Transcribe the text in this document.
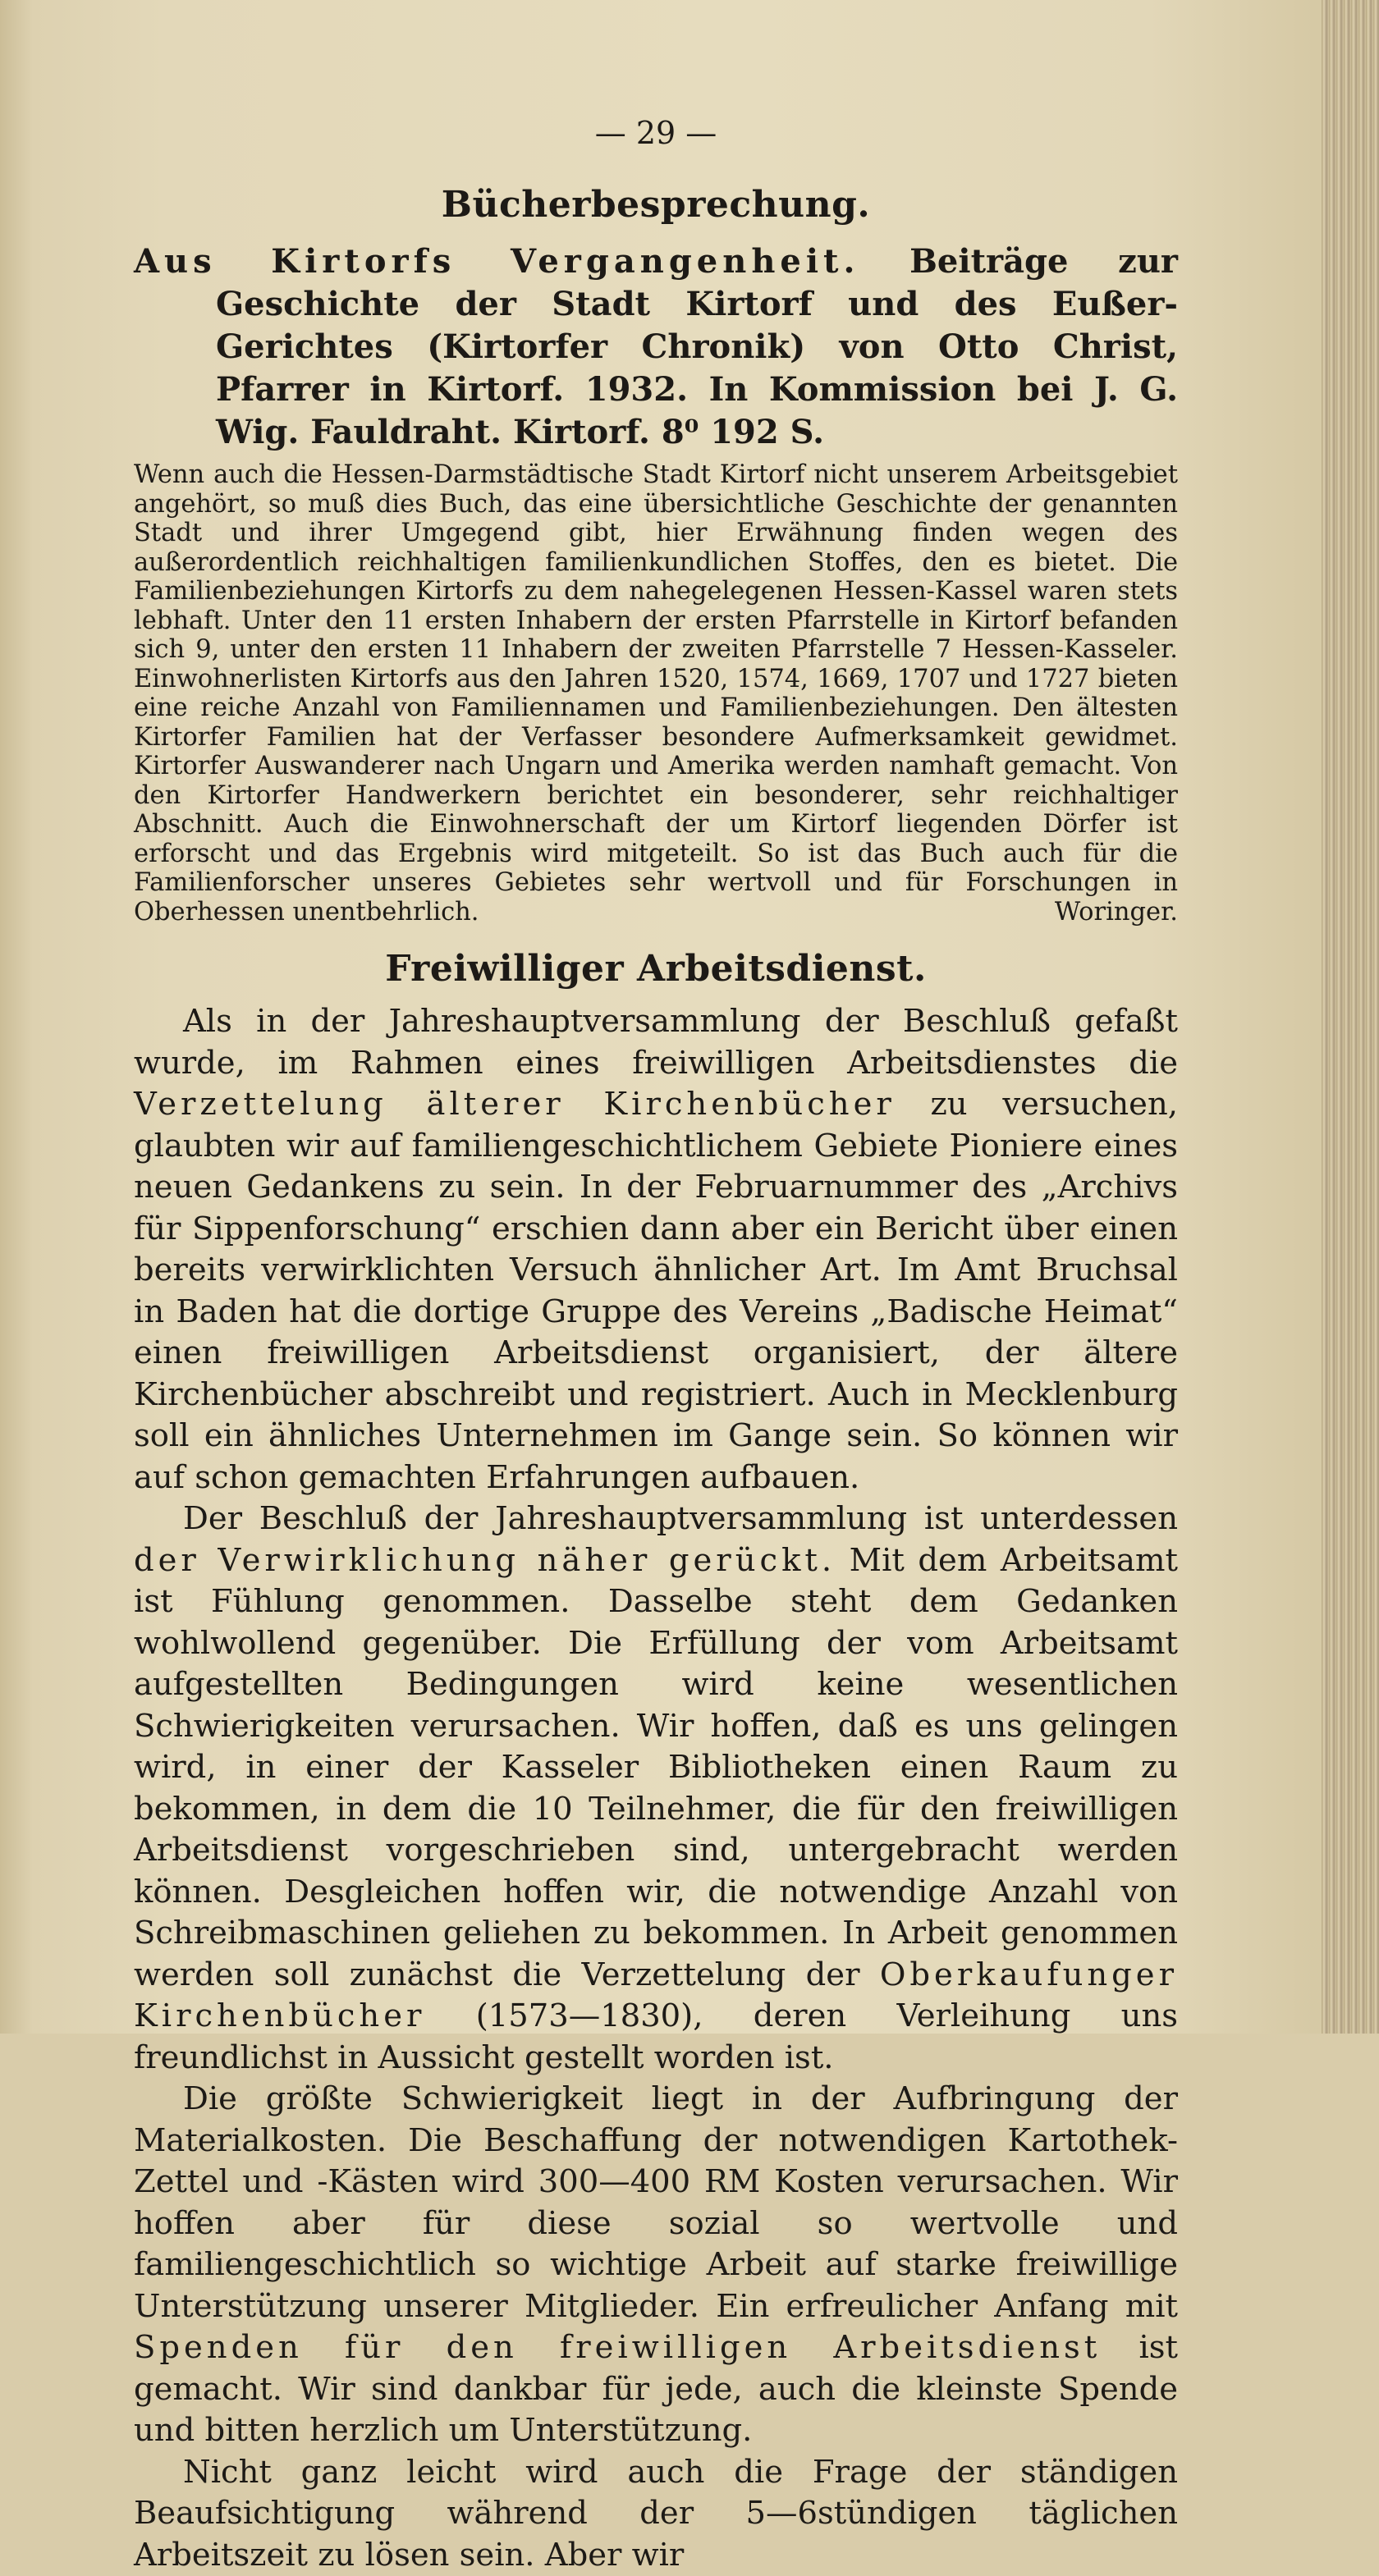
— 29 —
Bücherbesprechung.

Aus Kirtorfs Vergangenheit. Beiträge zur Geschichte der Stadt Kirtorf und des Eußer-Gerichtes (Kirtorfer Chronik) von Otto Christ, Pfarrer in Kirtorf. 1932. In Kommission bei J. G. Wig. Fauldraht. Kirtorf. 8⁰ 192 S.

Wenn auch die Hessen-Darmstädtische Stadt Kirtorf nicht unserem Arbeitsgebiet angehört, so muß dies Buch, das eine übersichtliche Geschichte der genannten Stadt und ihrer Umgegend gibt, hier Erwähnung finden wegen des außerordentlich reichhaltigen familienkundlichen Stoffes, den es bietet. Die Familienbeziehungen Kirtorfs zu dem nahegelegenen Hessen-Kassel waren stets lebhaft. Unter den 11 ersten Inhabern der ersten Pfarrstelle in Kirtorf befanden sich 9, unter den ersten 11 Inhabern der zweiten Pfarrstelle 7 Hessen-Kasseler. Einwohnerlisten Kirtorfs aus den Jahren 1520, 1574, 1669, 1707 und 1727 bieten eine reiche Anzahl von Familiennamen und Familienbeziehungen. Den ältesten Kirtorfer Familien hat der Verfasser besondere Aufmerksamkeit gewidmet. Kirtorfer Auswanderer nach Ungarn und Amerika werden namhaft gemacht. Von den Kirtorfer Handwerkern berichtet ein besonderer, sehr reichhaltiger Abschnitt. Auch die Einwohnerschaft der um Kirtorf liegenden Dörfer ist erforscht und das Ergebnis wird mitgeteilt. So ist das Buch auch für die Familienforscher unseres Gebietes sehr wertvoll und für Forschungen in Oberhessen unentbehrlich.	Woringer.

Freiwilliger Arbeitsdienst.

Als in der Jahreshauptversammlung der Beschluß gefaßt wurde, im Rahmen eines freiwilligen Arbeitsdienstes die Verzettelung älterer Kirchenbücher zu versuchen, glaubten wir auf familiengeschichtlichem Gebiete Pioniere eines neuen Gedankens zu sein. In der Februarnummer des „Archivs für Sippenforschung“ erschien dann aber ein Bericht über einen bereits verwirklichten Versuch ähnlicher Art. Im Amt Bruchsal in Baden hat die dortige Gruppe des Vereins „Badische Heimat“ einen freiwilligen Arbeitsdienst organisiert, der ältere Kirchenbücher abschreibt und registriert. Auch in Mecklenburg soll ein ähnliches Unternehmen im Gange sein. So können wir auf schon gemachten Erfahrungen aufbauen.

Der Beschluß der Jahreshauptversammlung ist unterdessen der Verwirklichung näher gerückt. Mit dem Arbeitsamt ist Fühlung genommen. Dasselbe steht dem Gedanken wohlwollend gegenüber. Die Erfüllung der vom Arbeitsamt aufgestellten Bedingungen wird keine wesentlichen Schwierigkeiten verursachen. Wir hoffen, daß es uns gelingen wird, in einer der Kasseler Bibliotheken einen Raum zu bekommen, in dem die 10 Teilnehmer, die für den freiwilligen Arbeitsdienst vorgeschrieben sind, untergebracht werden können. Desgleichen hoffen wir, die notwendige Anzahl von Schreibmaschinen geliehen zu bekommen. In Arbeit genommen werden soll zunächst die Verzettelung der Oberkaufunger Kirchenbücher (1573—1830), deren Verleihung uns freundlichst in Aussicht gestellt worden ist.

Die größte Schwierigkeit liegt in der Aufbringung der Materialkosten. Die Beschaffung der notwendigen Kartothek-Zettel und -Kästen wird 300—400 RM Kosten verursachen. Wir hoffen aber für diese sozial so wertvolle und familiengeschichtlich so wichtige Arbeit auf starke freiwillige Unterstützung unserer Mitglieder. Ein erfreulicher Anfang mit Spenden für den freiwilligen Arbeitsdienst ist gemacht. Wir sind dankbar für jede, auch die kleinste Spende und bitten herzlich um Unterstützung.

Nicht ganz leicht wird auch die Frage der ständigen Beaufsichtigung während der 5—6stündigen täglichen Arbeitszeit zu lösen sein. Aber wir
